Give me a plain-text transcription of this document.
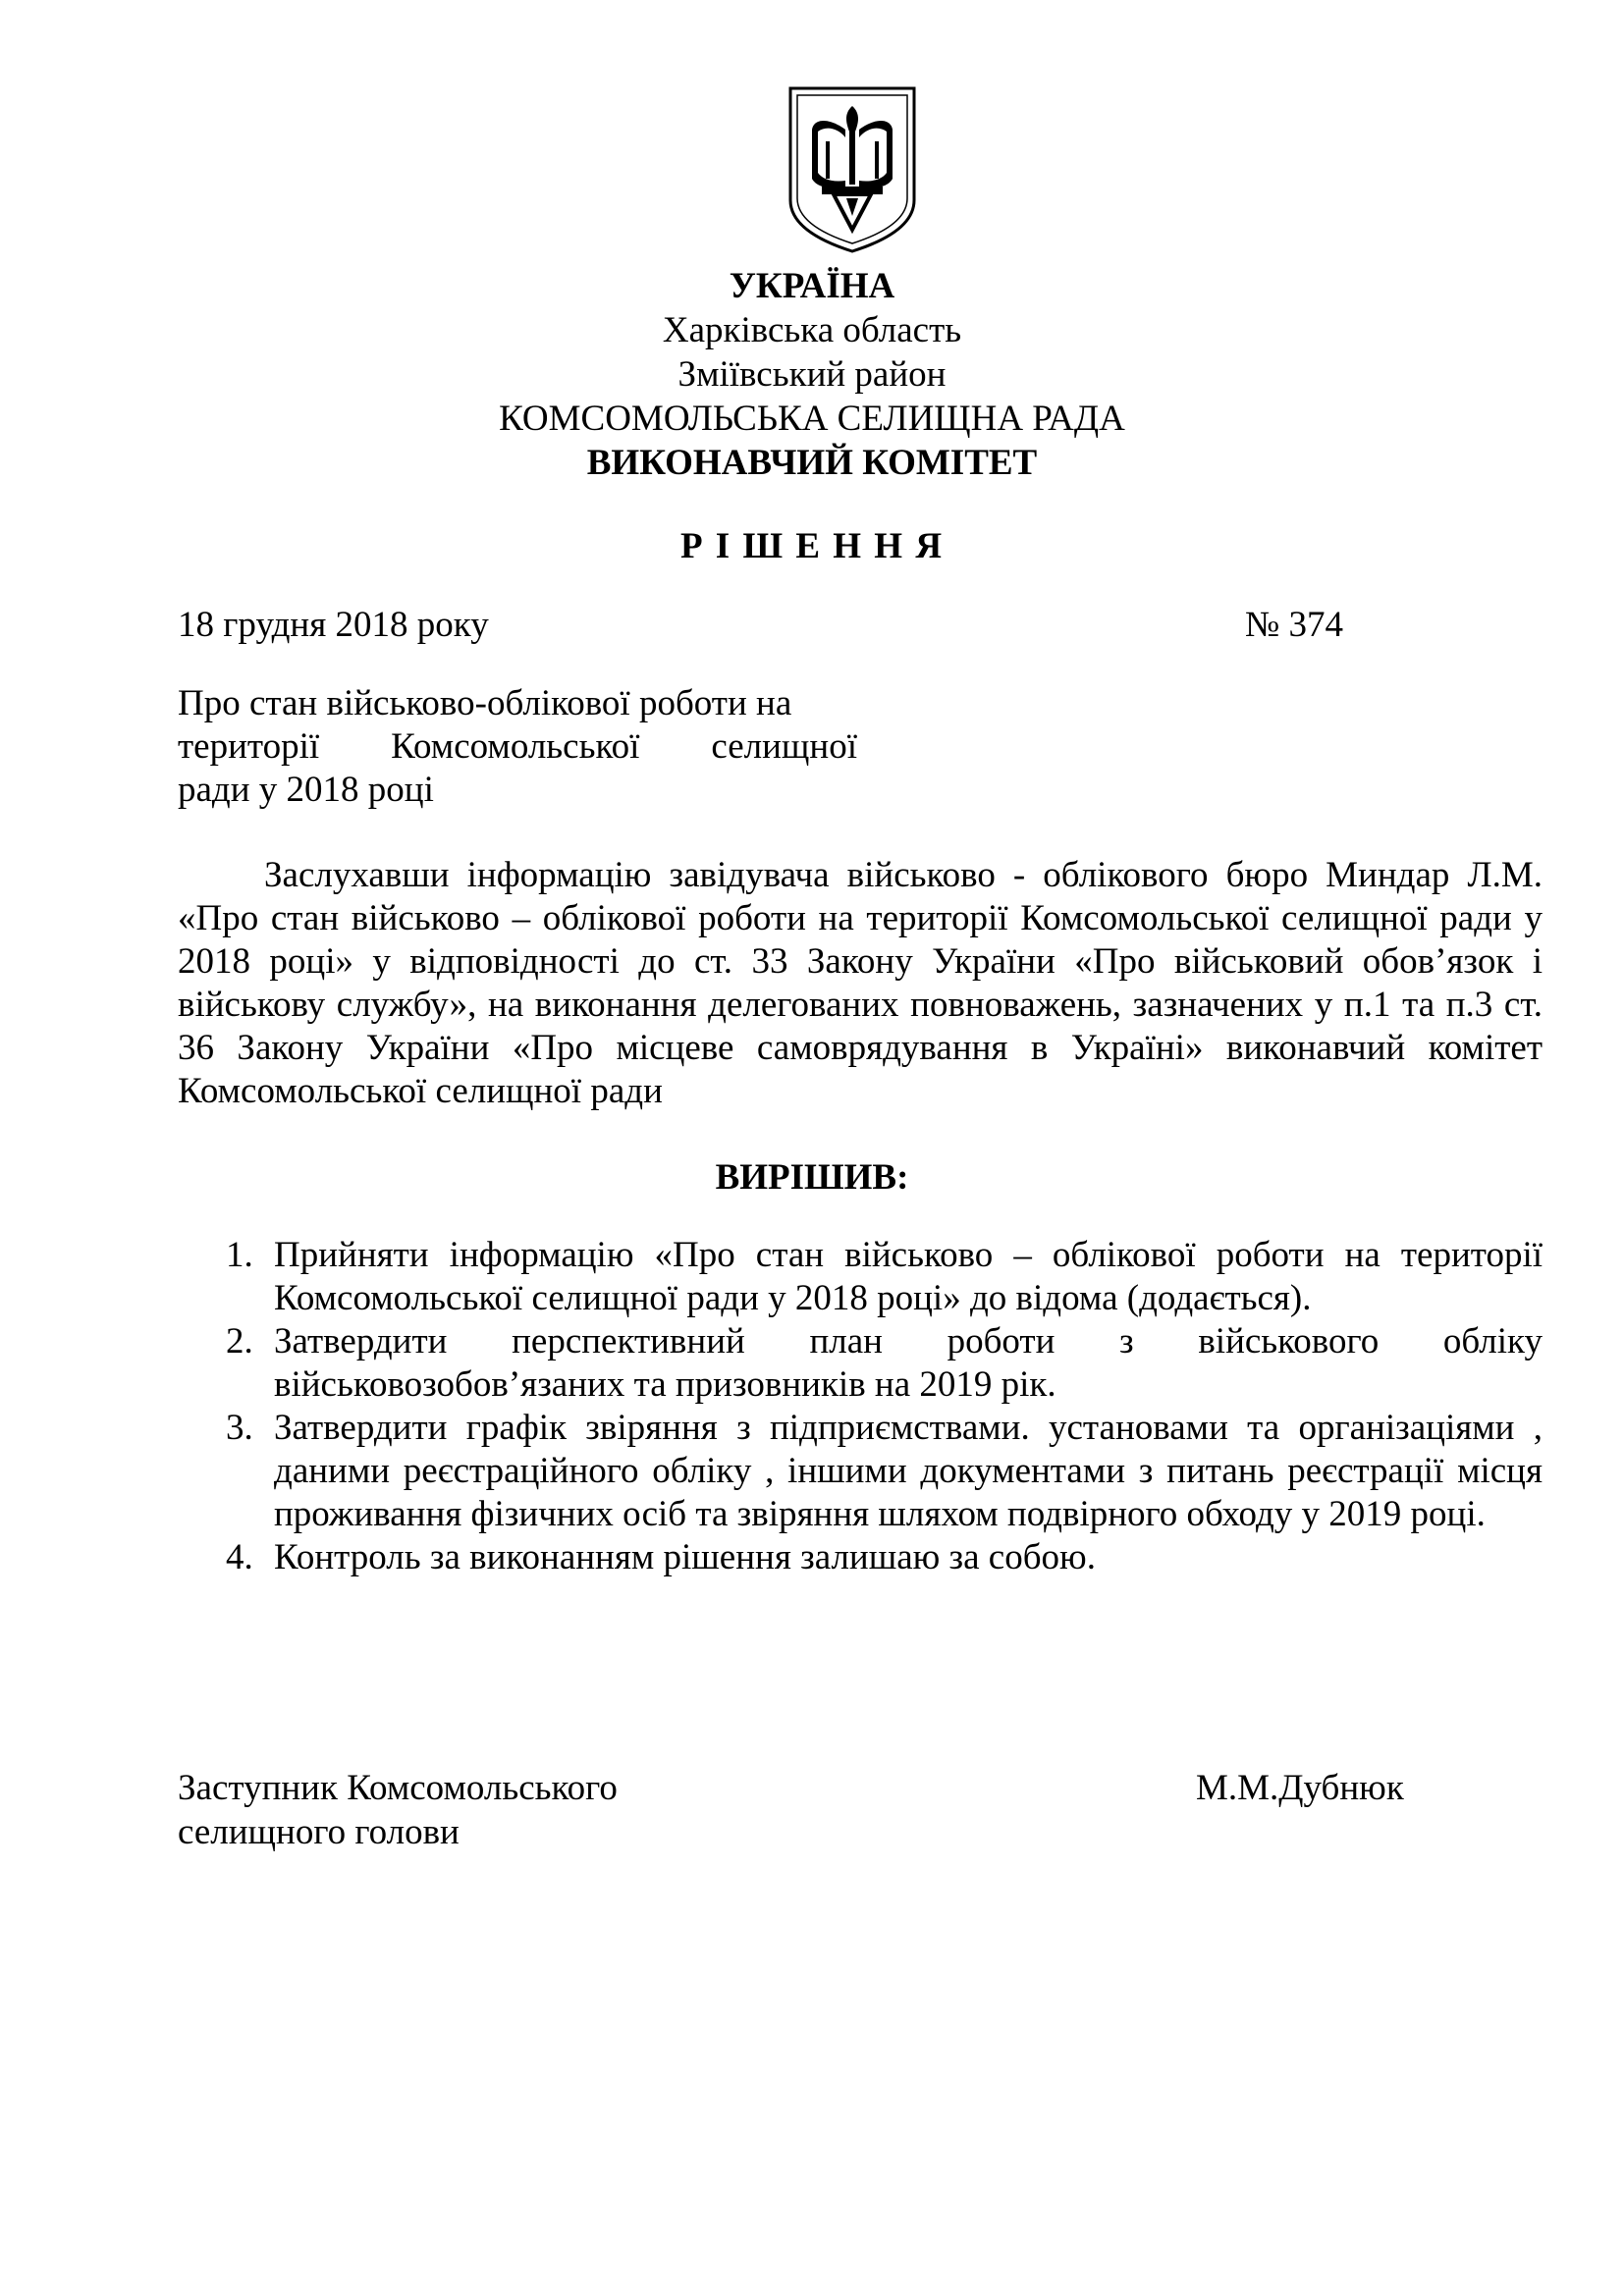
УКРАЇНА
Харківська область
Зміївський район
КОМСОМОЛЬСЬКА СЕЛИЩНА РАДА
ВИКОНАВЧИЙ КОМІТЕТ
Р І Ш Е Н Н Я
18 грудня 2018 року	№ 374
Про стан військово-облікової роботи на
території Комсомольської селищної
ради у 2018 році
Заслухавши інформацію завідувача військово - облікового бюро Миндар Л.М. «Про стан військово – облікової роботи на території Комсомольської селищної ради у 2018 році» у відповідності до ст. 33 Закону України «Про військовий обов’язок і військову службу», на виконання делегованих повноважень, зазначених у п.1 та п.3 ст. 36 Закону України «Про місцеве самоврядування в Україні» виконавчий комітет Комсомольської селищної ради
ВИРІШИВ:
1. Прийняти інформацію «Про стан військово – облікової роботи на території Комсомольської селищної ради у 2018 році» до відома (додається).
2. Затвердити перспективний план роботи з військового обліку військовозобов’язаних та призовників на 2019 рік.
3. Затвердити графік звіряння з підприємствами. установами та організаціями , даними реєстраційного обліку , іншими документами з питань реєстрації місця проживання фізичних осіб та звіряння шляхом подвірного обходу у 2019 році.
4. Контроль за виконанням рішення залишаю за собою.
Заступник Комсомольського
селищного голови
М.М.Дубнюк
